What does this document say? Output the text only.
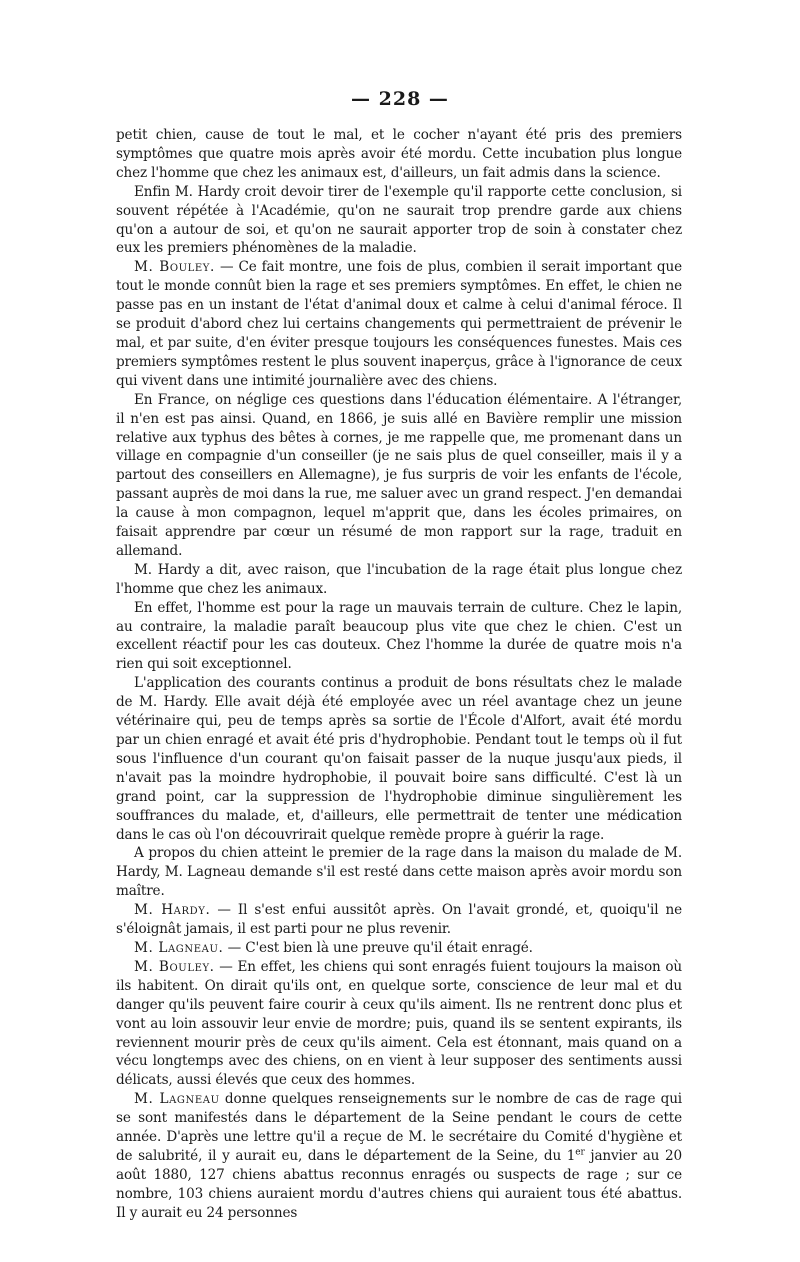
— 228 —

petit chien, cause de tout le mal, et le cocher n'ayant été pris des premiers symptômes que quatre mois après avoir été mordu. Cette incubation plus longue chez l'homme que chez les animaux est, d'ailleurs, un fait admis dans la science.

Enfin M. Hardy croit devoir tirer de l'exemple qu'il rapporte cette conclusion, si souvent répétée à l'Académie, qu'on ne saurait trop prendre garde aux chiens qu'on a autour de soi, et qu'on ne saurait apporter trop de soin à constater chez eux les premiers phénomènes de la maladie.

M. Bouley. — Ce fait montre, une fois de plus, combien il serait important que tout le monde connût bien la rage et ses premiers symptômes. En effet, le chien ne passe pas en un instant de l'état d'animal doux et calme à celui d'animal féroce. Il se produit d'abord chez lui certains changements qui permettraient de prévenir le mal, et par suite, d'en éviter presque toujours les conséquences funestes. Mais ces premiers symptômes restent le plus souvent inaperçus, grâce à l'ignorance de ceux qui vivent dans une intimité journalière avec des chiens.

En France, on néglige ces questions dans l'éducation élémentaire. A l'étranger, il n'en est pas ainsi. Quand, en 1866, je suis allé en Bavière remplir une mission relative aux typhus des bêtes à cornes, je me rappelle que, me promenant dans un village en compagnie d'un conseiller (je ne sais plus de quel conseiller, mais il y a partout des conseillers en Allemagne), je fus surpris de voir les enfants de l'école, passant auprès de moi dans la rue, me saluer avec un grand respect. J'en demandai la cause à mon compagnon, lequel m'apprit que, dans les écoles primaires, on faisait apprendre par cœur un résumé de mon rapport sur la rage, traduit en allemand.

M. Hardy a dit, avec raison, que l'incubation de la rage était plus longue chez l'homme que chez les animaux.

En effet, l'homme est pour la rage un mauvais terrain de culture. Chez le lapin, au contraire, la maladie paraît beaucoup plus vite que chez le chien. C'est un excellent réactif pour les cas douteux. Chez l'homme la durée de quatre mois n'a rien qui soit exceptionnel.

L'application des courants continus a produit de bons résultats chez le malade de M. Hardy. Elle avait déjà été employée avec un réel avantage chez un jeune vétérinaire qui, peu de temps après sa sortie de l'École d'Alfort, avait été mordu par un chien enragé et avait été pris d'hydrophobie. Pendant tout le temps où il fut sous l'influence d'un courant qu'on faisait passer de la nuque jusqu'aux pieds, il n'avait pas la moindre hydrophobie, il pouvait boire sans difficulté. C'est là un grand point, car la suppression de l'hydrophobie diminue singulièrement les souffrances du malade, et, d'ailleurs, elle permettrait de tenter une médication dans le cas où l'on découvrirait quelque remède propre à guérir la rage.

A propos du chien atteint le premier de la rage dans la maison du malade de M. Hardy, M. Lagneau demande s'il est resté dans cette maison après avoir mordu son maître.

M. Hardy. — Il s'est enfui aussitôt après. On l'avait grondé, et, quoiqu'il ne s'éloignât jamais, il est parti pour ne plus revenir.

M. Lagneau. — C'est bien là une preuve qu'il était enragé.

M. Bouley. — En effet, les chiens qui sont enragés fuient toujours la maison où ils habitent. On dirait qu'ils ont, en quelque sorte, conscience de leur mal et du danger qu'ils peuvent faire courir à ceux qu'ils aiment. Ils ne rentrent donc plus et vont au loin assouvir leur envie de mordre; puis, quand ils se sentent expirants, ils reviennent mourir près de ceux qu'ils aiment. Cela est étonnant, mais quand on a vécu longtemps avec des chiens, on en vient à leur supposer des sentiments aussi délicats, aussi élevés que ceux des hommes.

M. Lagneau donne quelques renseignements sur le nombre de cas de rage qui se sont manifestés dans le département de la Seine pendant le cours de cette année. D'après une lettre qu'il a reçue de M. le secrétaire du Comité d'hygiène et de salubrité, il y aurait eu, dans le département de la Seine, du 1er janvier au 20 août 1880, 127 chiens abattus reconnus enragés ou suspects de rage ; sur ce nombre, 103 chiens auraient mordu d'autres chiens qui auraient tous été abattus. Il y aurait eu 24 personnes
